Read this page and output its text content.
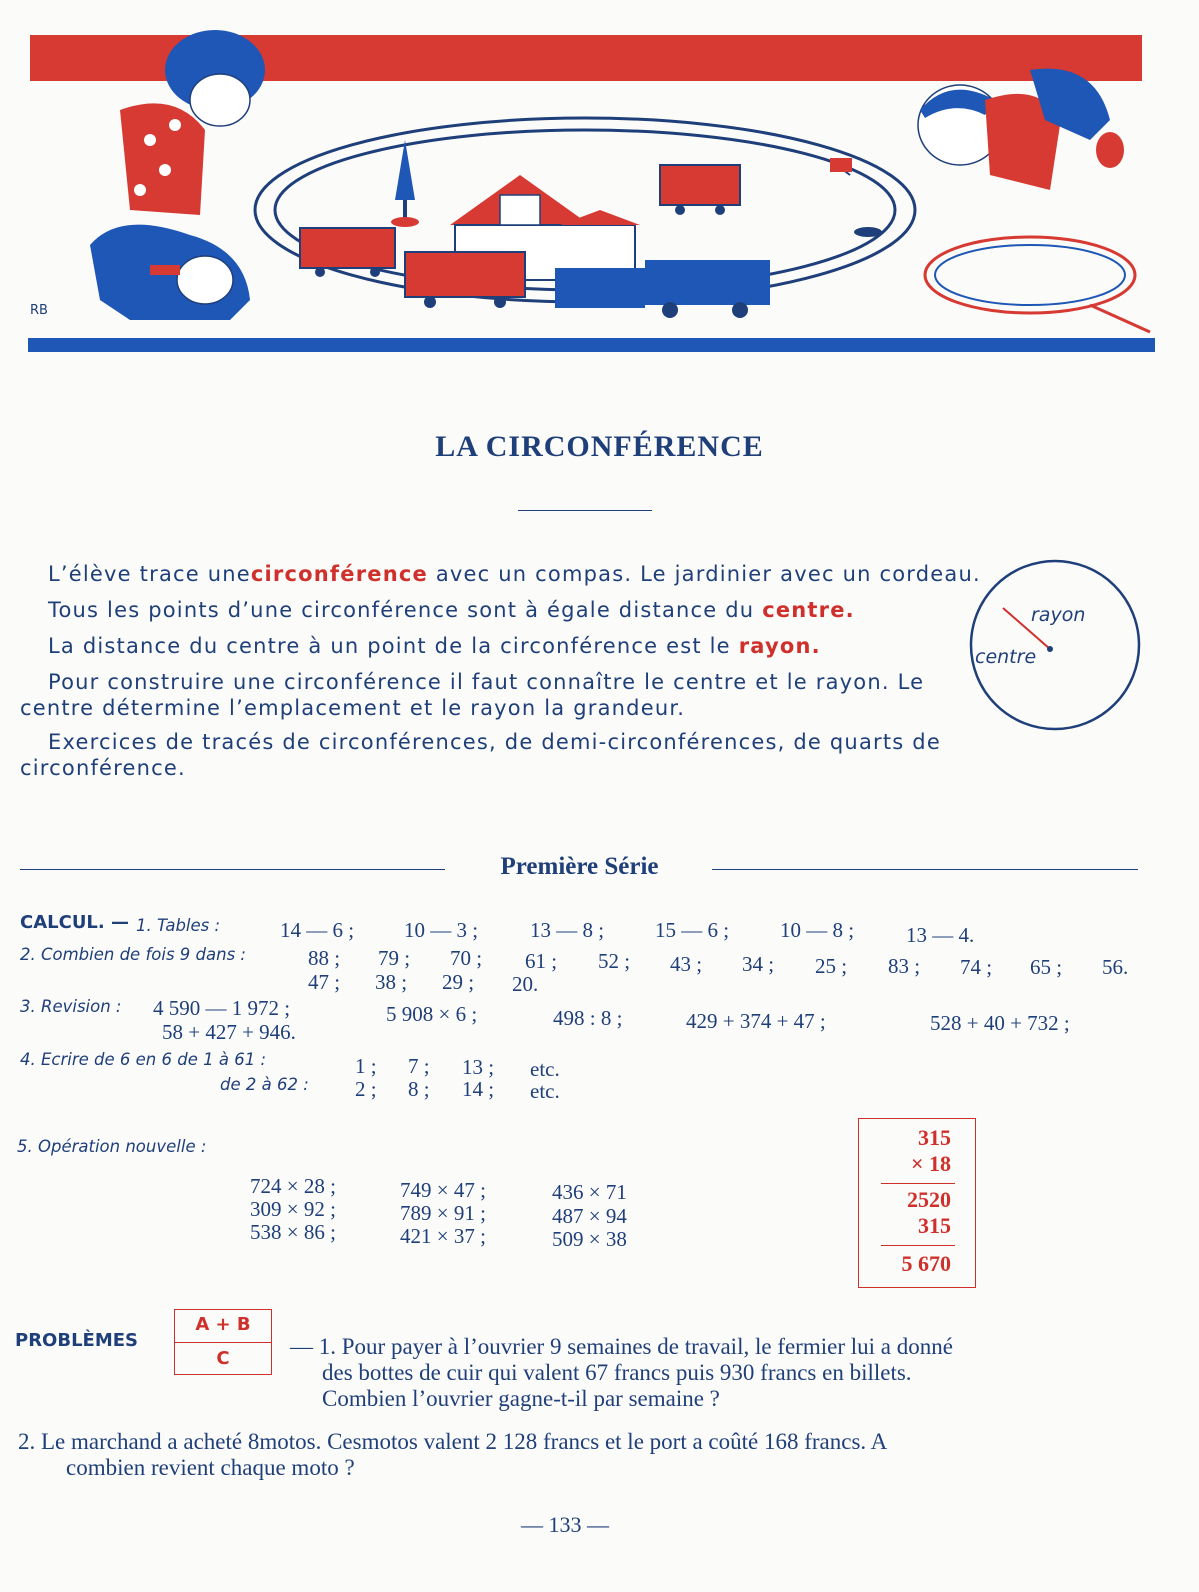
RB
LA CIRCONFÉRENCE
L’élève trace unecirconférence avec un compas. Le jardinier avec un cordeau.
Tous les points d’une circonférence sont à égale distance du centre.
La distance du centre à un point de la circonférence est le rayon.
Pour construire une circonférence il faut connaître le centre et le rayon. Le
centre détermine l’emplacement et le rayon la grandeur.
Exercices de tracés de circonférences, de demi-circonférences, de quarts de
circonférence.
rayon
centre
Première Série
CALCUL. — 1. Tables :	14 — 6 ; 10 — 3 ; 13 — 8 ; 15 — 6 ; 10 — 8 ; 13 — 4.
2. Combien de fois 9 dans :	88 ; 79 ; 70 ; 61 ; 52 ; 43 ; 34 ; 25 ; 83 ; 74 ; 65 ; 56.
47 ; 38 ; 29 ; 20.
3. Revision : 4 590 — 1 972 ;	5 908 × 6 ;	498 : 8 ;	429 + 374 + 47 ;	528 + 40 + 732 ;
58 + 427 + 946.
4. Ecrire de 6 en 6 de 1 à 61 :	1 ; 7 ; 13 ; etc.
de 2 à 62 : 2 ; 8 ; 14 ; etc.
5. Opération nouvelle :
724 × 28 ;	749 × 47 ;	436 × 71
309 × 92 ;	789 × 91 ;	487 × 94
538 × 86 ;	421 × 37 ;	509 × 38
315
× 18
2520
315
5 670
PROBLÈMES
A + B
C	— 1. Pour payer à l’ouvrier 9 semaines de travail, le fermier lui a donné
des bottes de cuir qui valent 67 francs puis 930 francs en billets.
Combien l’ouvrier gagne-t-il par semaine ?
2. Le marchand a acheté 8motos. Cesmotos valent 2 128 francs et le port a coûté 168 francs. A
combien revient chaque moto ?
— 133 —
